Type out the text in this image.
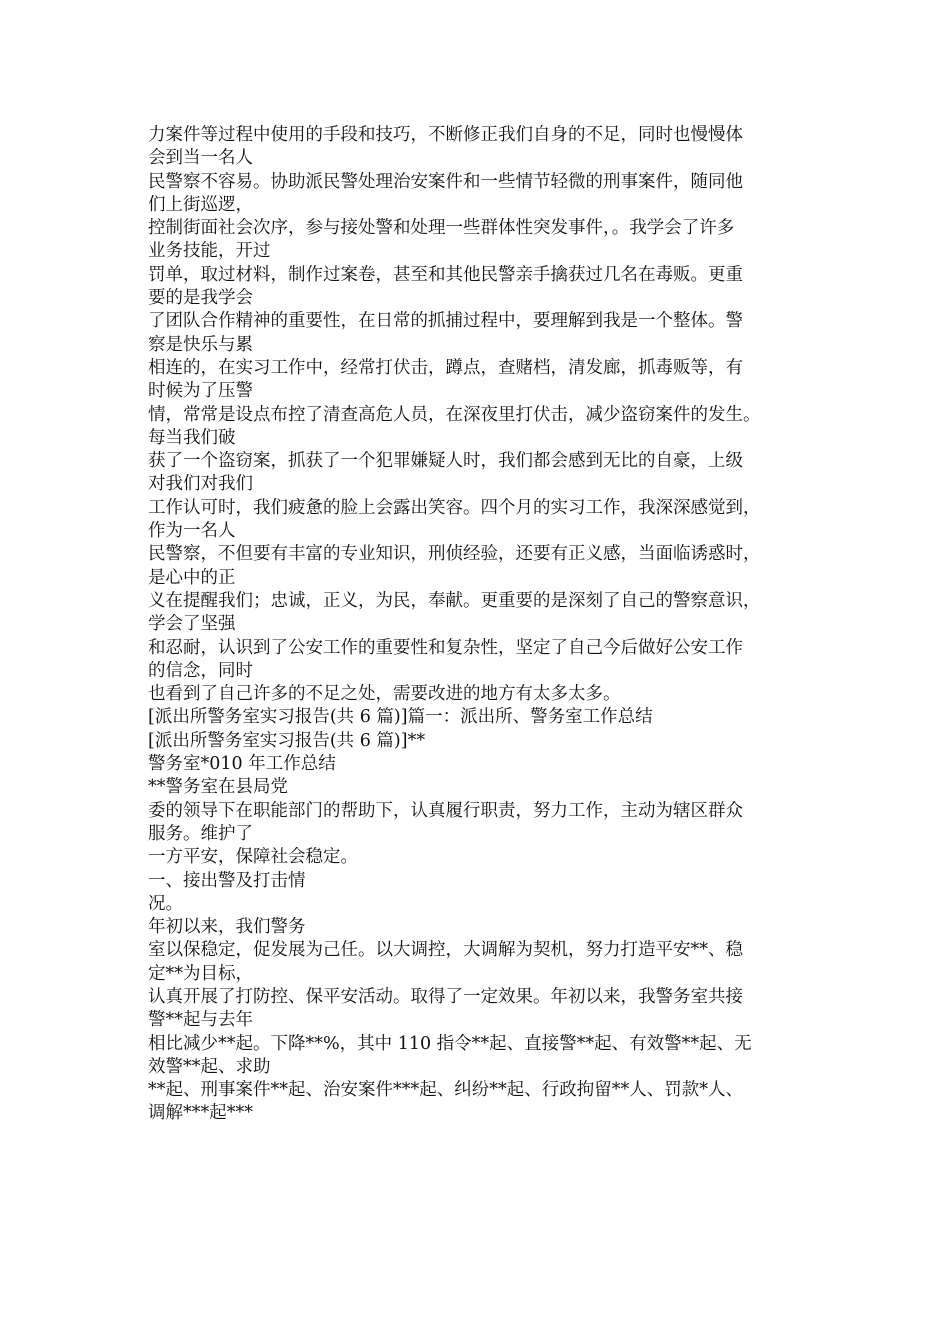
力案件等过程中使用的手段和技巧，不断修正我们自身的不足，同时也慢慢体
会到当一名人
民警察不容易。协助派民警处理治安案件和一些情节轻微的刑事案件，随同他
们上街巡逻，
控制街面社会次序，参与接处警和处理一些群体性突发事件，。我学会了许多
业务技能，开过
罚单，取过材料，制作过案卷，甚至和其他民警亲手擒获过几名在毒贩。更重
要的是我学会
了团队合作精神的重要性，在日常的抓捕过程中，要理解到我是一个整体。警
察是快乐与累
相连的，在实习工作中，经常打伏击，蹲点，查赌档，清发廊，抓毒贩等，有
时候为了压警
情，常常是设点布控了清查高危人员，在深夜里打伏击，减少盗窃案件的发生。
每当我们破
获了一个盗窃案，抓获了一个犯罪嫌疑人时，我们都会感到无比的自豪，上级
对我们对我们
工作认可时，我们疲惫的脸上会露出笑容。四个月的实习工作，我深深感觉到，
作为一名人
民警察，不但要有丰富的专业知识，刑侦经验，还要有正义感，当面临诱惑时，
是心中的正
义在提醒我们；忠诚，正义，为民，奉献。更重要的是深刻了自己的警察意识，
学会了坚强
和忍耐，认识到了公安工作的重要性和复杂性，坚定了自己今后做好公安工作
的信念，同时
也看到了自己许多的不足之处，需要改进的地方有太多太多。
[派出所警务室实习报告(共 6 篇)]篇一：派出所、警务室工作总结
[派出所警务室实习报告(共 6 篇)]**
警务室*010 年工作总结
**警务室在县局党
委的领导下在职能部门的帮助下，认真履行职责，努力工作，主动为辖区群众
服务。维护了
一方平安，保障社会稳定。
一、接出警及打击情
况。
年初以来，我们警务
室以保稳定，促发展为己任。以大调控，大调解为契机，努力打造平安**、稳
定**为目标，
认真开展了打防控、保平安活动。取得了一定效果。年初以来，我警务室共接
警**起与去年
相比减少**起。下降**%，其中 110 指令**起、直接警**起、有效警**起、无
效警**起、求助
**起、刑事案件**起、治安案件***起、纠纷**起、行政拘留**人、罚款*人、
调解***起***
